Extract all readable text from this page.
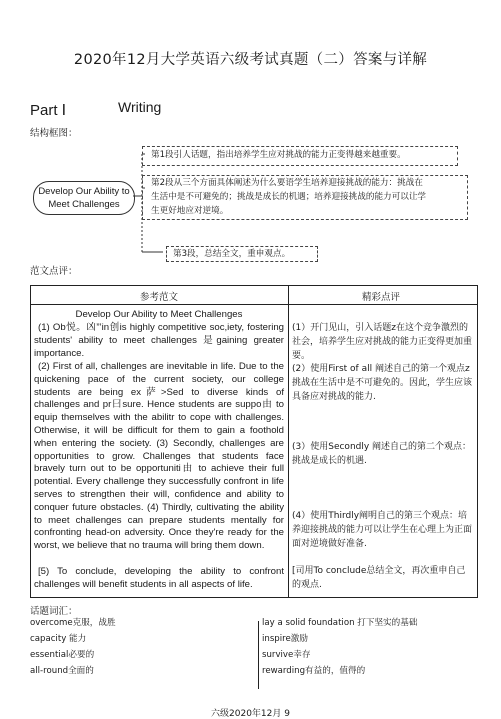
2020年12月大学英语六级考试真题（二）答案与详解
Part Ⅰ	Writing
结构框图：
Develop Our Ability to Meet Challenges
第1段引人话题，指出培养学生应对挑战的能力正变得越来越重要。
第2段从三个方面具体阐述为什么要语学生培养迎接挑战的能力：挑战在
生活中是不可避免的；挑战是成长的机遇；培养迎接挑战的能力可以让学
生更好地应对逆境。
第3段，总结全文，重申观点。
范文点评：
参考范文	精彩点评
Develop Our Ability to Meet Challenges
(1) Ob悦。凶”’in创is highly competitive soc,iety, fostering students' ability to meet challenges 是gaining greater importance.
(2) First of all, challenges are inevitable in life. Due to the quickening pace of the current society, our college students are being ex萨>Sed to diverse kinds of challenges and pr曰sure. Hence students are suppo由 to equip themselves with the abilitr to cope with challenges. Otherwise, it will be difficult for them to gain a foothold when entering the society. (3) Secondly, challenges are opportunities to grow. Challenges that students face bravely turn out to be opportuniti由 to achieve their full potential. Every challenge they successfully confront in life serves to strengthen their will, confidence and ability to conquer future obstacles. (4) Thirdly, cultivating the ability to meet challenges can prepare students mentally for confronting head-on adversity. Once they're ready for the worst, we believe that no trauma will bring them down.
[5) To conclude, developing the ability to confront challenges will benefit students in all aspects of life.
(1）开门见山，引入话题z在这个竞争激烈的社会，培养学生应对挑战的能力正变得更加重要。
(2）使用First of all 阐述自己的第一个观点z挑战在生活中是不可避免的。因此，学生应该具备应对挑战的能力.
(3）使用Secondly 阐述自己的第二个观点：挑战是成长的机遇.
(4）使用Thirdly阐明自己的第三个观点：培养迎接挑战的能力可以让学生在心理上为正面面对逆境做好准备.
[司用To conclude总结全文，再次重申自己的观点.
话题词汇：
overcome克服，战胜
capacity 能力
essential必要的
all-round全面的
lay a solid foundation 打下坚实的基础
inspire激励
survive幸存
rewarding有益的，值得的
六级2020年12月 9
